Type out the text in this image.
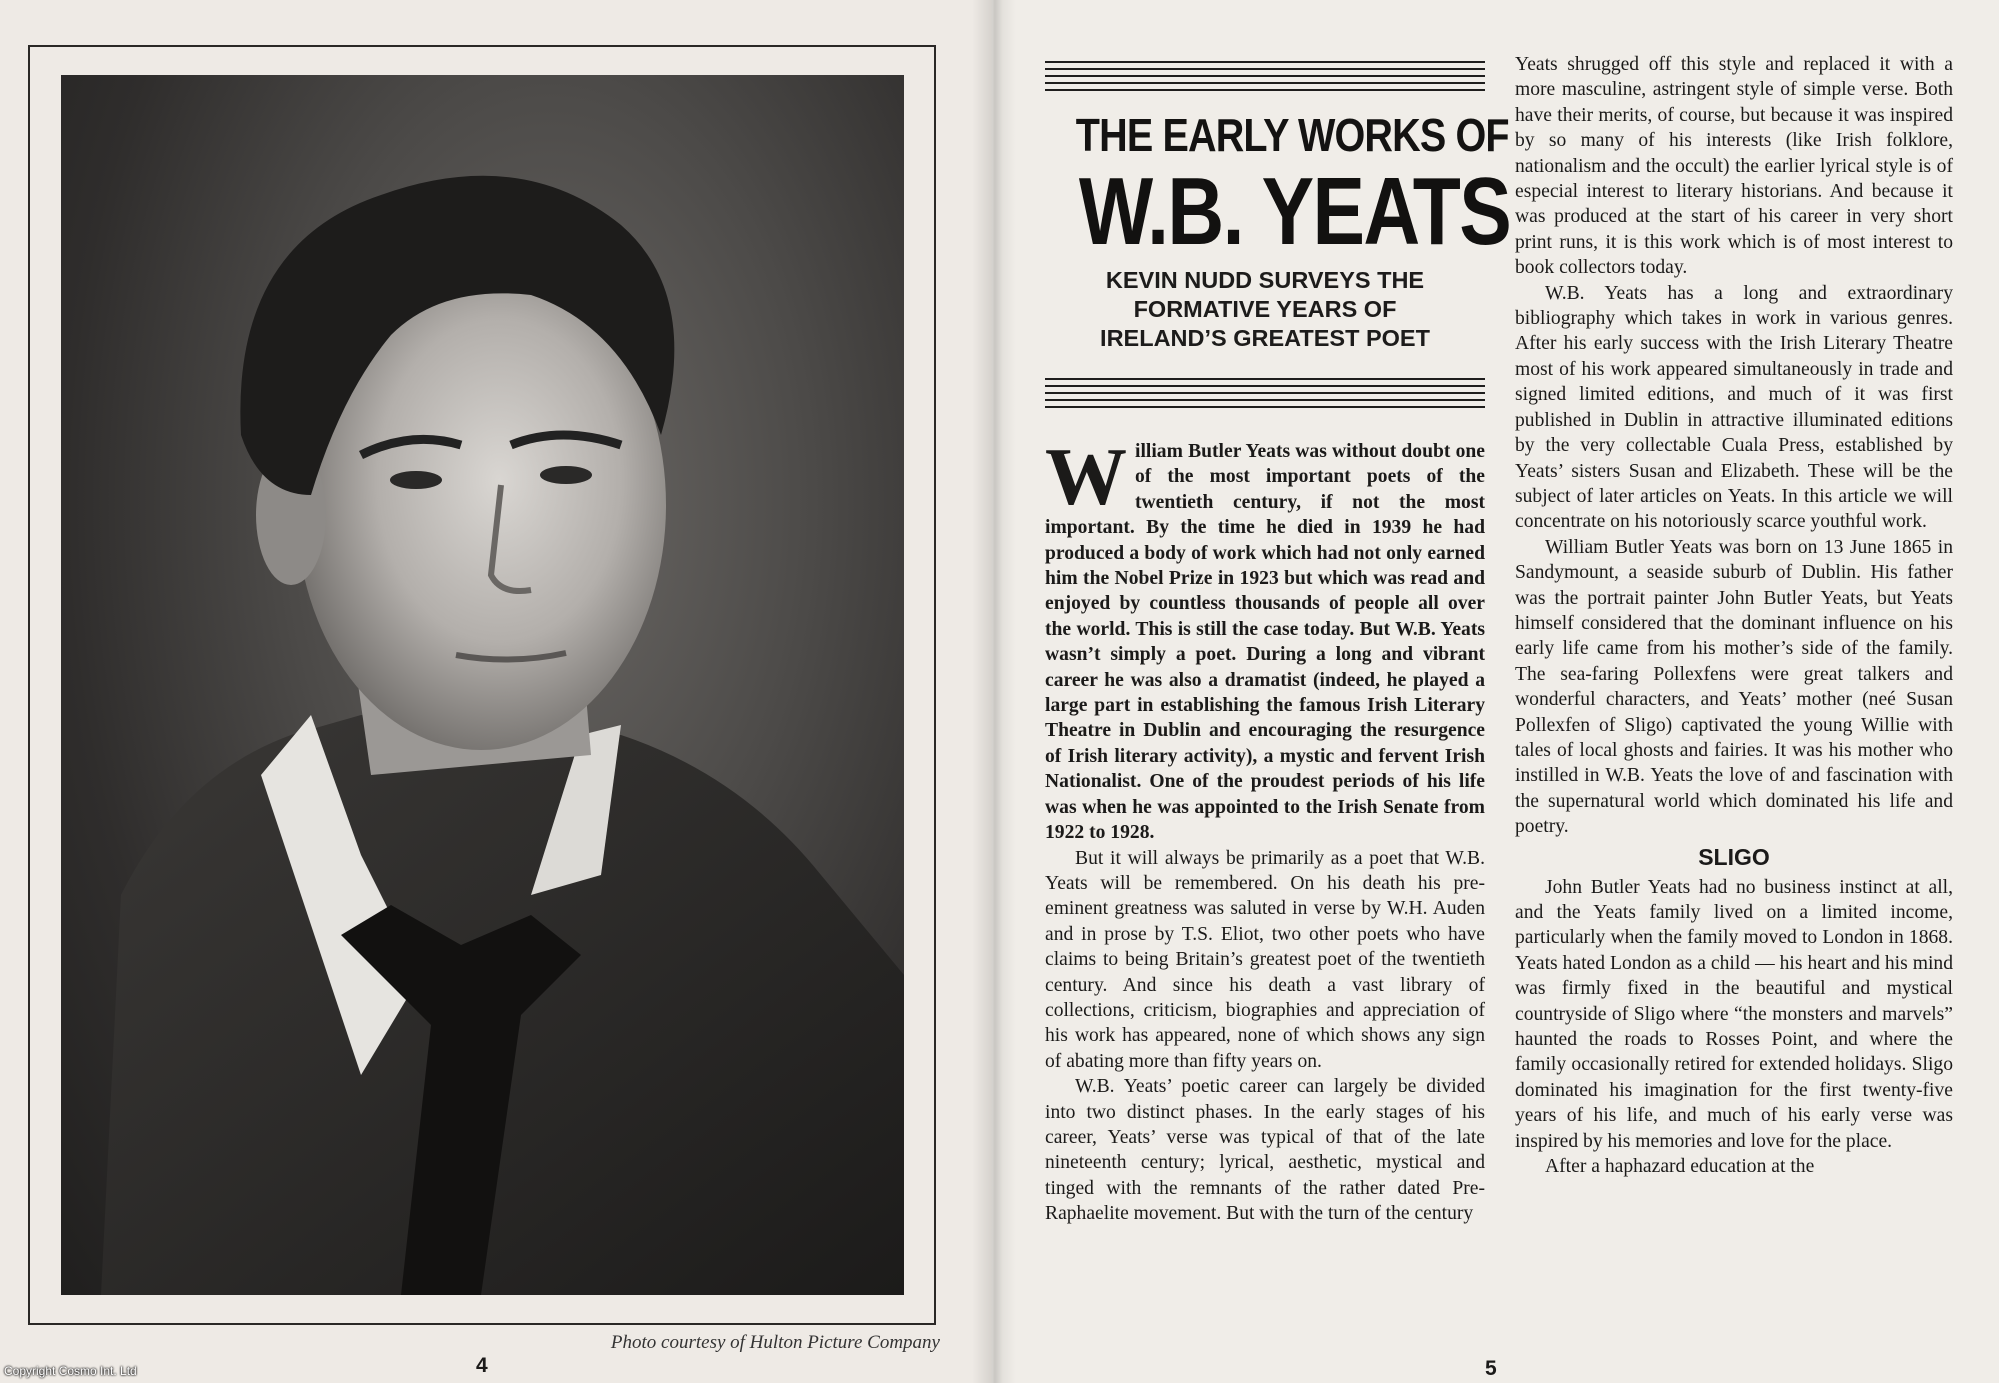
Photo courtesy of Hulton Picture Company
4
Copyright Cosmo Int. Ltd
THE EARLY WORKS OF
W.B. YEATS
KEVIN NUDD SURVEYS THE
FORMATIVE YEARS OF
IRELAND’S GREATEST POET

William Butler Yeats was without doubt one of the most important poets of the twentieth century, if not the most important. By the time he died in 1939 he had produced a body of work which had not only earned him the Nobel Prize in 1923 but which was read and enjoyed by countless thousands of people all over the world. This is still the case today. But W.B. Yeats wasn’t simply a poet. During a long and vibrant career he was also a dramatist (indeed, he played a large part in establishing the famous Irish Literary Theatre in Dublin and encouraging the resurgence of Irish literary activity), a mystic and fervent Irish Nationalist. One of the proudest periods of his life was when he was appointed to the Irish Senate from 1922 to 1928.

But it will always be primarily as a poet that W.B. Yeats will be remembered. On his death his pre-eminent greatness was saluted in verse by W.H. Auden and in prose by T.S. Eliot, two other poets who have claims to being Britain’s greatest poet of the twentieth century. And since his death a vast library of collections, criticism, biographies and appreciation of his work has appeared, none of which shows any sign of abating more than fifty years on.

W.B. Yeats’ poetic career can largely be divided into two distinct phases. In the early stages of his career, Yeats’ verse was typical of that of the late nineteenth century; lyrical, aesthetic, mystical and tinged with the remnants of the rather dated Pre-Raphaelite movement. But with the turn of the century

Yeats shrugged off this style and replaced it with a more masculine, astringent style of simple verse. Both have their merits, of course, but because it was inspired by so many of his interests (like Irish folklore, nationalism and the occult) the earlier lyrical style is of especial interest to literary historians. And because it was produced at the start of his career in very short print runs, it is this work which is of most interest to book collectors today.

W.B. Yeats has a long and extraordinary bibliography which takes in work in various genres. After his early success with the Irish Literary Theatre most of his work appeared simultaneously in trade and signed limited editions, and much of it was first published in Dublin in attractive illuminated editions by the very collectable Cuala Press, established by Yeats’ sisters Susan and Elizabeth. These will be the subject of later articles on Yeats. In this article we will concentrate on his notoriously scarce youthful work.

William Butler Yeats was born on 13 June 1865 in Sandymount, a seaside suburb of Dublin. His father was the portrait painter John Butler Yeats, but Yeats himself considered that the dominant influence on his early life came from his mother’s side of the family. The sea-faring Pollexfens were great talkers and wonderful characters, and Yeats’ mother (neé Susan Pollexfen of Sligo) captivated the young Willie with tales of local ghosts and fairies. It was his mother who instilled in W.B. Yeats the love of and fascination with the supernatural world which dominated his life and poetry.

SLIGO

John Butler Yeats had no business instinct at all, and the Yeats family lived on a limited income, particularly when the family moved to London in 1868. Yeats hated London as a child — his heart and his mind was firmly fixed in the beautiful and mystical countryside of Sligo where “the monsters and marvels” haunted the roads to Rosses Point, and where the family occasionally retired for extended holidays. Sligo dominated his imagination for the first twenty-five years of his life, and much of his early verse was inspired by his memories and love for the place.

After a haphazard education at the

5
